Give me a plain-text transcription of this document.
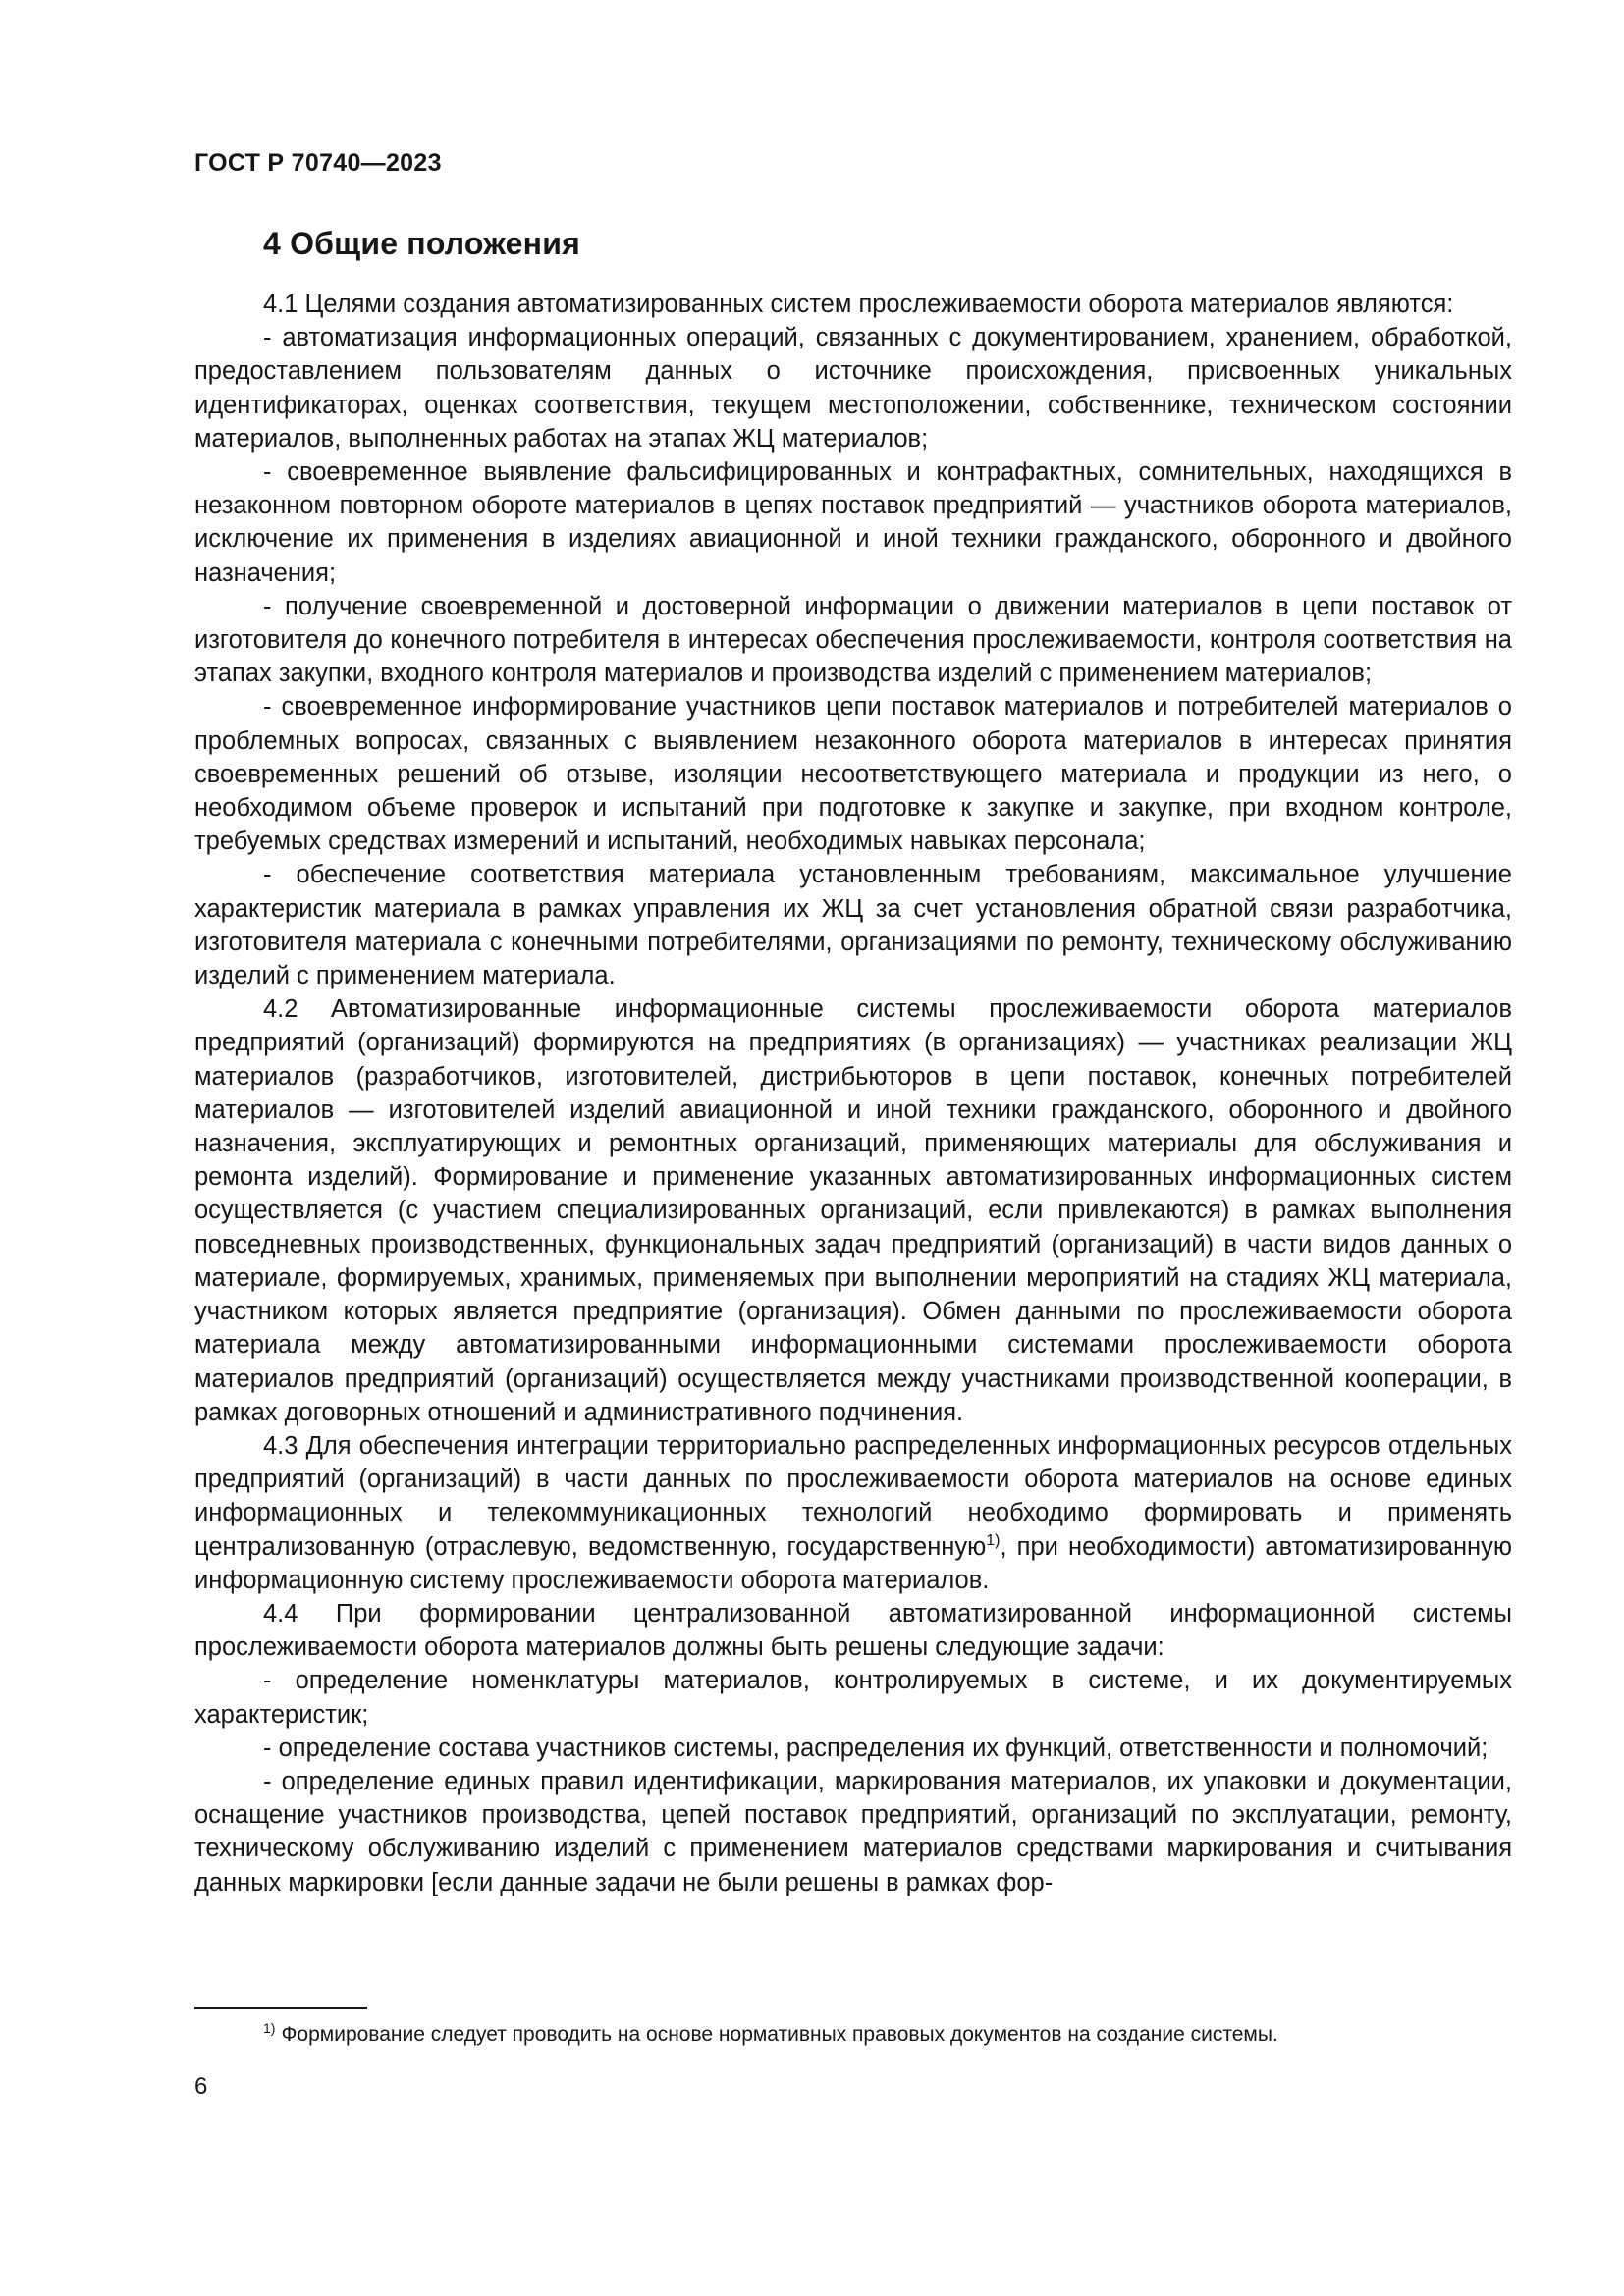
ГОСТ Р 70740—2023
4 Общие положения

4.1 Целями создания автоматизированных систем прослеживаемости оборота материалов являются:

- автоматизация информационных операций, связанных с документированием, хранением, обработкой, предоставлением пользователям данных о источнике происхождения, присвоенных уникальных идентификаторах, оценках соответствия, текущем местоположении, собственнике, техническом состоянии материалов, выполненных работах на этапах ЖЦ материалов;

- своевременное выявление фальсифицированных и контрафактных, сомнительных, находящихся в незаконном повторном обороте материалов в цепях поставок предприятий — участников оборота материалов, исключение их применения в изделиях авиационной и иной техники гражданского, оборонного и двойного назначения;

- получение своевременной и достоверной информации о движении материалов в цепи поставок от изготовителя до конечного потребителя в интересах обеспечения прослеживаемости, контроля соответствия на этапах закупки, входного контроля материалов и производства изделий с применением материалов;

- своевременное информирование участников цепи поставок материалов и потребителей материалов о проблемных вопросах, связанных с выявлением незаконного оборота материалов в интересах принятия своевременных решений об отзыве, изоляции несоответствующего материала и продукции из него, о необходимом объеме проверок и испытаний при подготовке к закупке и закупке, при входном контроле, требуемых средствах измерений и испытаний, необходимых навыках персонала;

- обеспечение соответствия материала установленным требованиям, максимальное улучшение характеристик материала в рамках управления их ЖЦ за счет установления обратной связи разработчика, изготовителя материала с конечными потребителями, организациями по ремонту, техническому обслуживанию изделий с применением материала.

4.2 Автоматизированные информационные системы прослеживаемости оборота материалов предприятий (организаций) формируются на предприятиях (в организациях) — участниках реализации ЖЦ материалов (разработчиков, изготовителей, дистрибьюторов в цепи поставок, конечных потребителей материалов — изготовителей изделий авиационной и иной техники гражданского, оборонного и двойного назначения, эксплуатирующих и ремонтных организаций, применяющих материалы для обслуживания и ремонта изделий). Формирование и применение указанных автоматизированных информационных систем осуществляется (с участием специализированных организаций, если привлекаются) в рамках выполнения повседневных производственных, функциональных задач предприятий (организаций) в части видов данных о материале, формируемых, хранимых, применяемых при выполнении мероприятий на стадиях ЖЦ материала, участником которых является предприятие (организация). Обмен данными по прослеживаемости оборота материала между автоматизированными информационными системами прослеживаемости оборота материалов предприятий (организаций) осуществляется между участниками производственной кооперации, в рамках договорных отношений и административного подчинения.

4.3 Для обеспечения интеграции территориально распределенных информационных ресурсов отдельных предприятий (организаций) в части данных по прослеживаемости оборота материалов на основе единых информационных и телекоммуникационных технологий необходимо формировать и применять централизованную (отраслевую, ведомственную, государственную$^{1)}$, при необходимости) автоматизированную информационную систему прослеживаемости оборота материалов.

4.4 При формировании централизованной автоматизированной информационной системы прослеживаемости оборота материалов должны быть решены следующие задачи:

- определение номенклатуры материалов, контролируемых в системе, и их документируемых характеристик;

- определение состава участников системы, распределения их функций, ответственности и полномочий;

- определение единых правил идентификации, маркирования материалов, их упаковки и документации, оснащение участников производства, цепей поставок предприятий, организаций по эксплуатации, ремонту, техническому обслуживанию изделий с применением материалов средствами маркирования и считывания данных маркировки [если данные задачи не были решены в рамках фор-

$^{1)}$ Формирование следует проводить на основе нормативных правовых документов на создание системы.
6
